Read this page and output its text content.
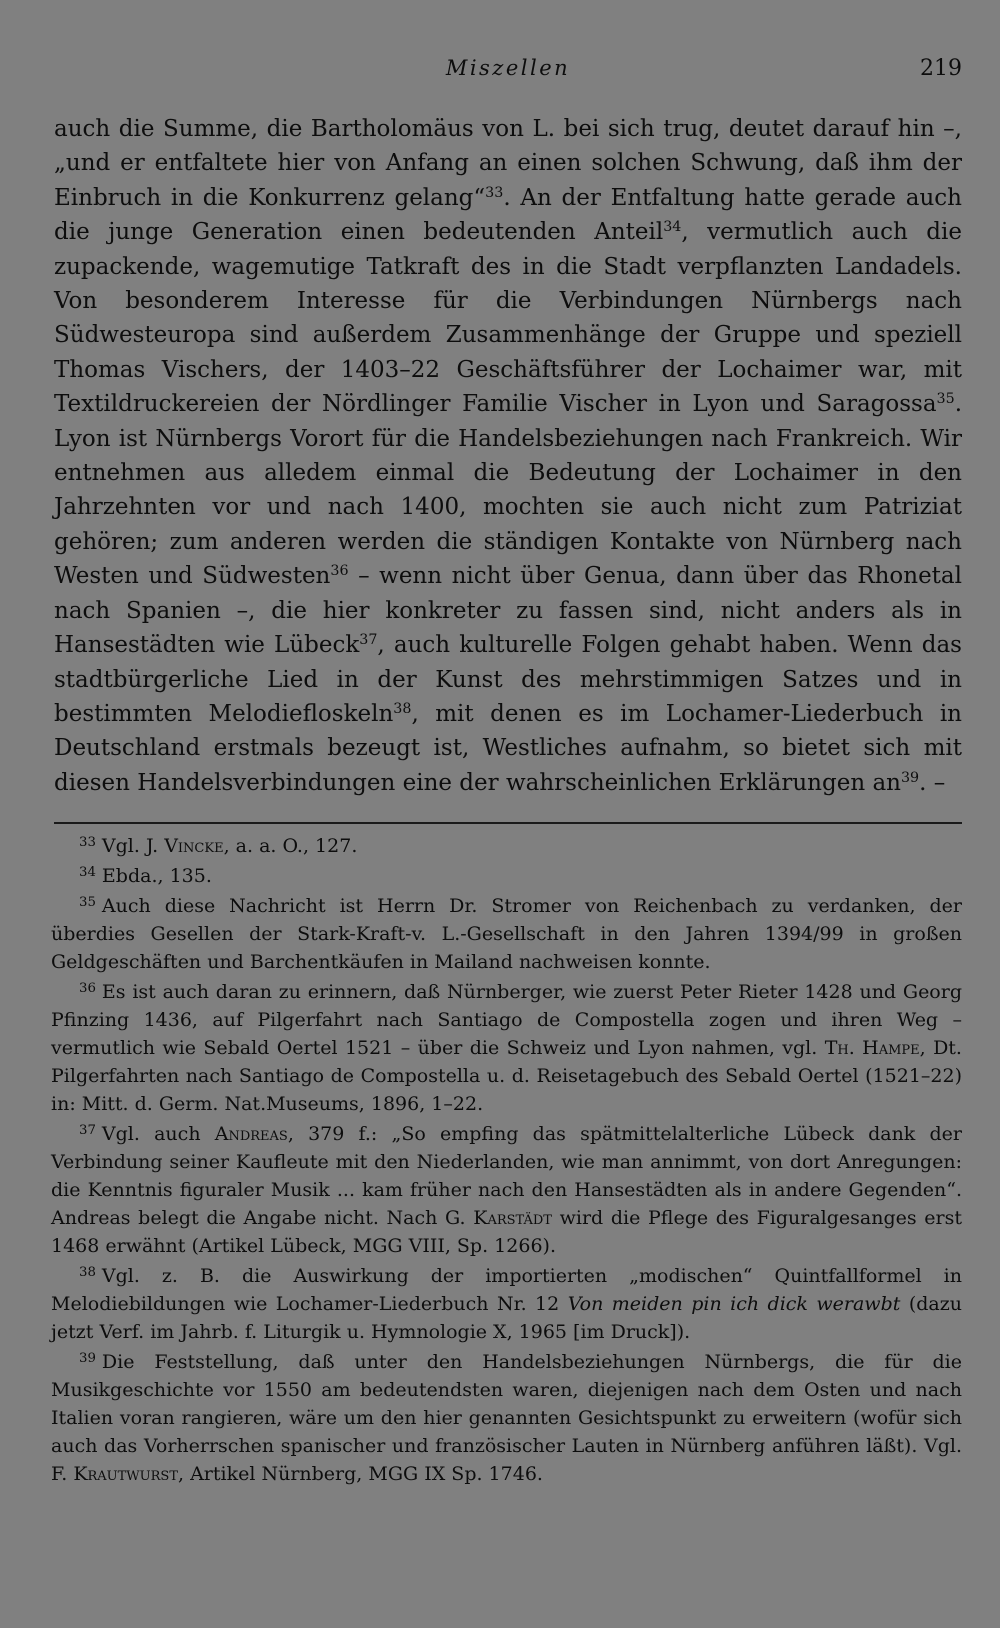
Miszellen	219

auch die Summe, die Bartholomäus von L. bei sich trug, deutet darauf hin –, „und er entfaltete hier von Anfang an einen solchen Schwung, daß ihm der Einbruch in die Konkurrenz gelang“$^{33}$. An der Entfaltung hatte gerade auch die junge Generation einen bedeutenden Anteil$^{34}$, vermutlich auch die zupackende, wagemutige Tatkraft des in die Stadt verpflanzten Landadels. Von besonderem Interesse für die Verbindungen Nürnbergs nach Südwesteuropa sind außerdem Zusammenhänge der Gruppe und speziell Thomas Vischers, der 1403–22 Geschäftsführer der Lochaimer war, mit Textildruckereien der Nördlinger Familie Vischer in Lyon und Saragossa$^{35}$. Lyon ist Nürnbergs Vorort für die Handelsbeziehungen nach Frankreich. Wir entnehmen aus alledem einmal die Bedeutung der Lochaimer in den Jahrzehnten vor und nach 1400, mochten sie auch nicht zum Patriziat gehören; zum anderen werden die ständigen Kontakte von Nürnberg nach Westen und Südwesten$^{36}$ – wenn nicht über Genua, dann über das Rhonetal nach Spanien –, die hier konkreter zu fassen sind, nicht anders als in Hansestädten wie Lübeck$^{37}$, auch kulturelle Folgen gehabt haben. Wenn das stadtbürgerliche Lied in der Kunst des mehrstimmigen Satzes und in bestimmten Melodiefloskeln$^{38}$, mit denen es im Lochamer-Liederbuch in Deutschland erstmals bezeugt ist, Westliches aufnahm, so bietet sich mit diesen Handelsverbindungen eine der wahrscheinlichen Erklärungen $an^{39}$. –

$^{33}$ Vgl. J. Vincke, a. a. O., 127.

$^{34}$ Ebda., 135.

$^{35}$ Auch diese Nachricht ist Herrn Dr. Stromer von Reichenbach zu verdanken, der überdies Gesellen der Stark-Kraft-v. L.-Gesellschaft in den Jahren 1394/99 in großen Geldgeschäften und Barchentkäufen in Mailand nachweisen konnte.

$^{36}$ Es ist auch daran zu erinnern, daß Nürnberger, wie zuerst Peter Rieter 1428 und Georg Pfinzing 1436, auf Pilgerfahrt nach Santiago de Compostella zogen und ihren Weg – vermutlich wie Sebald Oertel 1521 – über die Schweiz und Lyon nahmen, vgl. Th. Hampe, Dt. Pilgerfahrten nach Santiago de Compostella u. d. Reisetagebuch des Sebald Oertel (1521–22) in: Mitt. d. Germ. Nat.Museums, 1896, 1–22.

$^{37}$ Vgl. auch Andreas, 379 f.: „So empfing das spätmittelalterliche Lübeck dank der Verbindung seiner Kaufleute mit den Niederlanden, wie man annimmt, von dort Anregungen: die Kenntnis figuraler Musik ... kam früher nach den Hansestädten als in andere Gegenden“. Andreas belegt die Angabe nicht. Nach G. Karstädt wird die Pflege des Figuralgesanges erst 1468 erwähnt (Artikel Lübeck, MGG VIII, Sp. 1266).

$^{38}$ Vgl. z. B. die Auswirkung der importierten „modischen“ Quintfallformel in Melodiebildungen wie Lochamer-Liederbuch Nr. 12 Von meiden pin ich dick werawbt (dazu jetzt Verf. im Jahrb. f. Liturgik u. Hymnologie X, 1965 [im Druck]).

$^{39}$ Die Feststellung, daß unter den Handelsbeziehungen Nürnbergs, die für die Musikgeschichte vor 1550 am bedeutendsten waren, diejenigen nach dem Osten und nach Italien voran rangieren, wäre um den hier genannten Gesichtspunkt zu erweitern (wofür sich auch das Vorherrschen spanischer und französischer Lauten in Nürnberg anführen läßt). Vgl. F. Krautwurst, Artikel Nürnberg, MGG IX Sp. 1746.
